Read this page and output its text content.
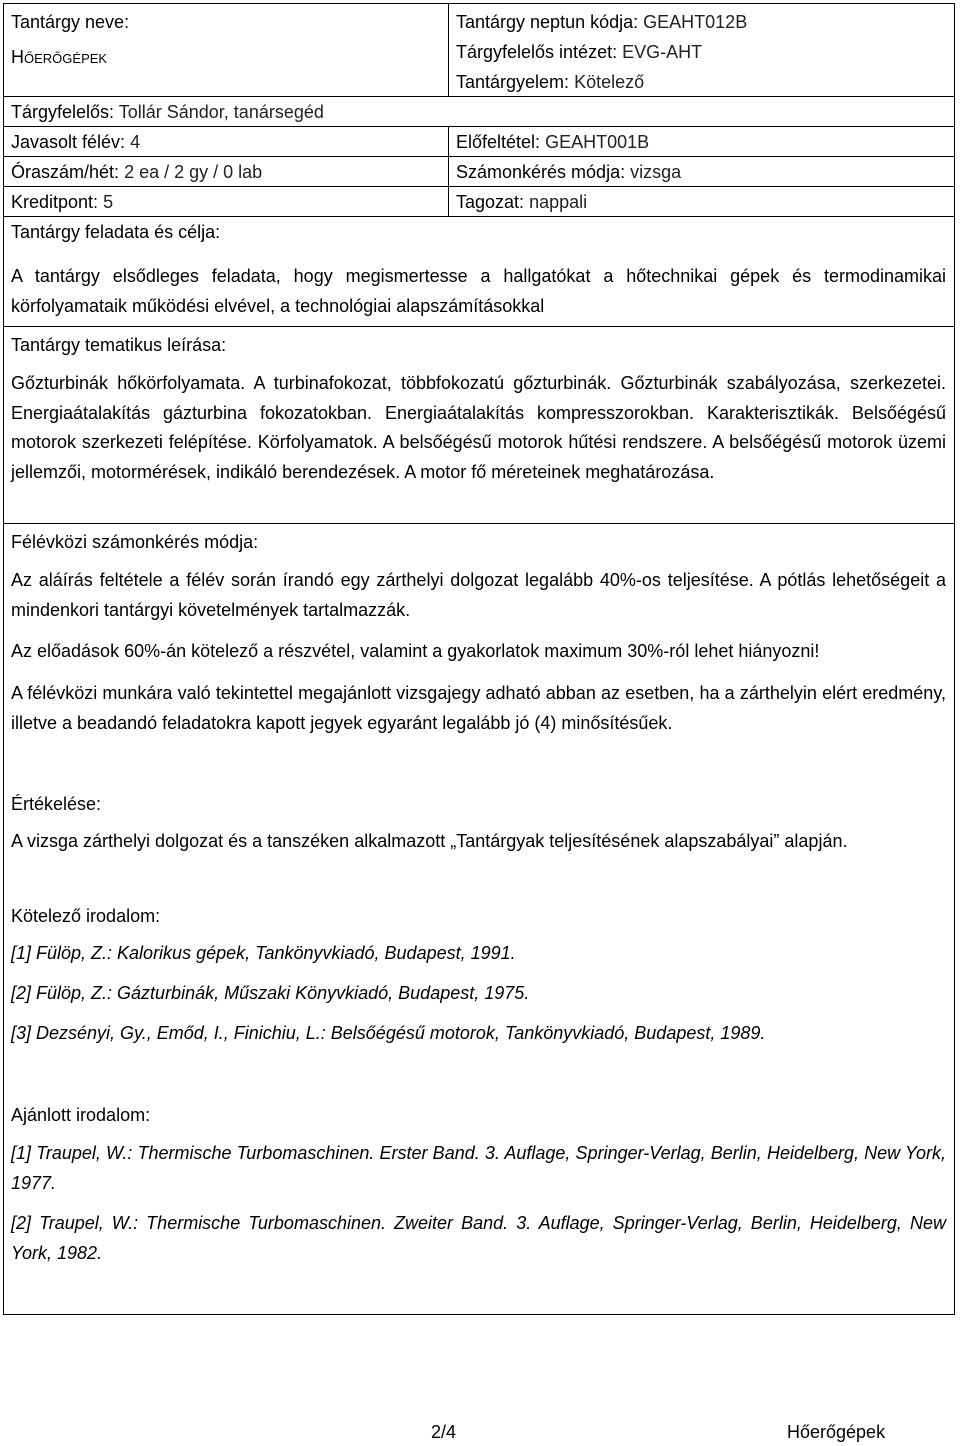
Tantárgy neve:
Hőerőgépek
Tantárgy neptun kódja: GEAHT012B
Tárgyfelelős intézet: EVG-AHT
Tantárgyelem: Kötelező
Tárgyfelelős: Tollár Sándor, tanársegéd
Javasolt félév: 4	Előfeltétel: GEAHT001B
Óraszám/hét: 2 ea / 2 gy / 0 lab	Számonkérés módja: vizsga
Kreditpont: 5	Tagozat: nappali
Tantárgy feladata és célja:
A tantárgy elsődleges feladata, hogy megismertesse a hallgatókat a hőtechnikai gépek és termodinamikai körfolyamataik működési elvével, a technológiai alapszámításokkal
Tantárgy tematikus leírása:
Gőzturbinák hőkörfolyamata. A turbinafokozat, többfokozatú gőzturbinák. Gőzturbinák szabályozása, szerkezetei. Energiaátalakítás gázturbina fokozatokban. Energiaátalakítás kompresszorokban. Karakterisztikák. Belsőégésű motorok szerkezeti felépítése. Körfolyamatok. A belsőégésű motorok hűtési rendszere. A belsőégésű motorok üzemi jellemzői, motormérések, indikáló berendezések. A motor fő méreteinek meghatározása.
Félévközi számonkérés módja:
Az aláírás feltétele a félév során írandó egy zárthelyi dolgozat legalább 40%-os teljesítése. A pótlás lehetőségeit a mindenkori tantárgyi követelmények tartalmazzák.
Az előadások 60%-án kötelező a részvétel, valamint a gyakorlatok maximum 30%-ról lehet hiányozni!
A félévközi munkára való tekintettel megajánlott vizsgajegy adható abban az esetben, ha a zárthelyin elért eredmény, illetve a beadandó feladatokra kapott jegyek egyaránt legalább jó (4) minősítésűek.
Értékelése:
A vizsga zárthelyi dolgozat és a tanszéken alkalmazott „Tantárgyak teljesítésének alapszabályai” alapján.
Kötelező irodalom:
[1] Fülöp, Z.: Kalorikus gépek, Tankönyvkiadó, Budapest, 1991.
[2] Fülöp, Z.: Gázturbinák, Műszaki Könyvkiadó, Budapest, 1975.
[3] Dezsényi, Gy., Emőd, I., Finichiu, L.: Belsőégésű motorok, Tankönyvkiadó, Budapest, 1989.
Ajánlott irodalom:
[1] Traupel, W.: Thermische Turbomaschinen. Erster Band. 3. Auflage, Springer-Verlag, Berlin, Heidelberg, New York, 1977.
[2] Traupel, W.: Thermische Turbomaschinen. Zweiter Band. 3. Auflage, Springer-Verlag, Berlin, Heidelberg, New York, 1982.
2/4	Hőerőgépek
